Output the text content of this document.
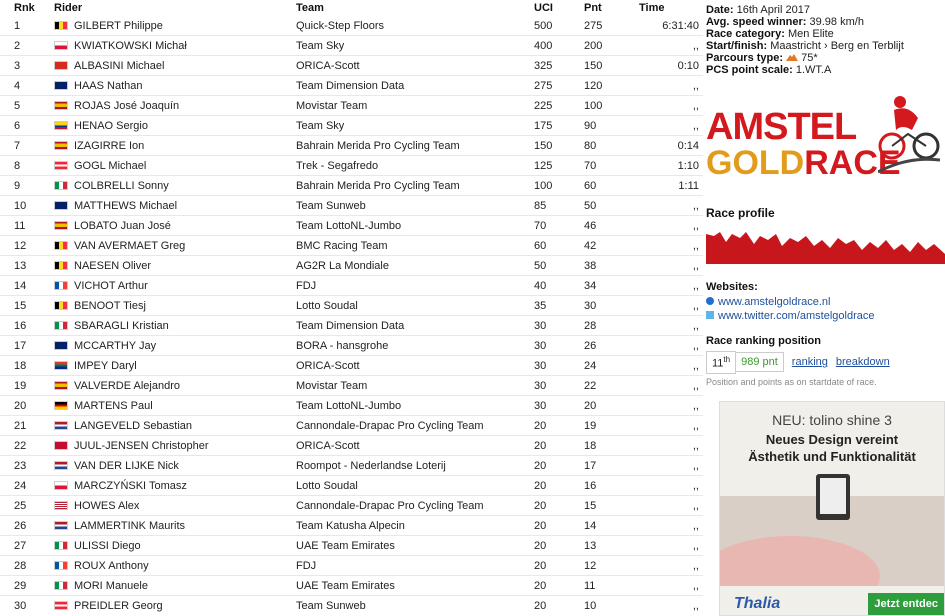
Rnk	Rider	Team	UCI	Pnt	Time
1	GILBERT Philippe	Quick-Step Floors	500	275	6:31:40
2	KWIATKOWSKI Michał	Team Sky	400	200	,,
3	ALBASINI Michael	ORICA-Scott	325	150	0:10
4	HAAS Nathan	Team Dimension Data	275	120	,,
5	ROJAS José Joaquín	Movistar Team	225	100	,,
6	HENAO Sergio	Team Sky	175	90	,,
7	IZAGIRRE Ion	Bahrain Merida Pro Cycling Team	150	80	0:14
8	GOGL Michael	Trek - Segafredo	125	70	1:10
9	COLBRELLI Sonny	Bahrain Merida Pro Cycling Team	100	60	1:11
10	MATTHEWS Michael	Team Sunweb	85	50	,,
11	LOBATO Juan José	Team LottoNL-Jumbo	70	46	,,
12	VAN AVERMAET Greg	BMC Racing Team	60	42	,,
13	NAESEN Oliver	AG2R La Mondiale	50	38	,,
14	VICHOT Arthur	FDJ	40	34	,,
15	BENOOT Tiesj	Lotto Soudal	35	30	,,
16	SBARAGLI Kristian	Team Dimension Data	30	28	,,
17	MCCARTHY Jay	BORA - hansgrohe	30	26	,,
18	IMPEY Daryl	ORICA-Scott	30	24	,,
19	VALVERDE Alejandro	Movistar Team	30	22	,,
20	MARTENS Paul	Team LottoNL-Jumbo	30	20	,,
21	LANGEVELD Sebastian	Cannondale-Drapac Pro Cycling Team	20	19	,,
22	JUUL-JENSEN Christopher	ORICA-Scott	20	18	,,
23	VAN DER LIJKE Nick	Roompot - Nederlandse Loterij	20	17	,,
24	MARCZYŃSKI Tomasz	Lotto Soudal	20	16	,,
25	HOWES Alex	Cannondale-Drapac Pro Cycling Team	20	15	,,
26	LAMMERTINK Maurits	Team Katusha Alpecin	20	14	,,
27	ULISSI Diego	UAE Team Emirates	20	13	,,
28	ROUX Anthony	FDJ	20	12	,,
29	MORI Manuele	UAE Team Emirates	20	11	,,
30	PREIDLER Georg	Team Sunweb	20	10	,,
Date: 16th April 2017
Avg. speed winner: 39.98 km/h
Race category: Men Elite
Start/finish: Maastricht › Berg en Terblijt
Parcours type: 75*
PCS point scale: 1.WT.A
AMSTEL
GOLDRACE
Race profile
Websites:
www.amstelgoldrace.nl
www.twitter.com/amstelgoldrace
Race ranking position
11th	989 pnt	ranking breakdown
Position and points as on startdate of race.
NEU: tolino shine 3
Neues Design vereint
Ästhetik und Funktionalität
Thalia	Jetzt entdec
